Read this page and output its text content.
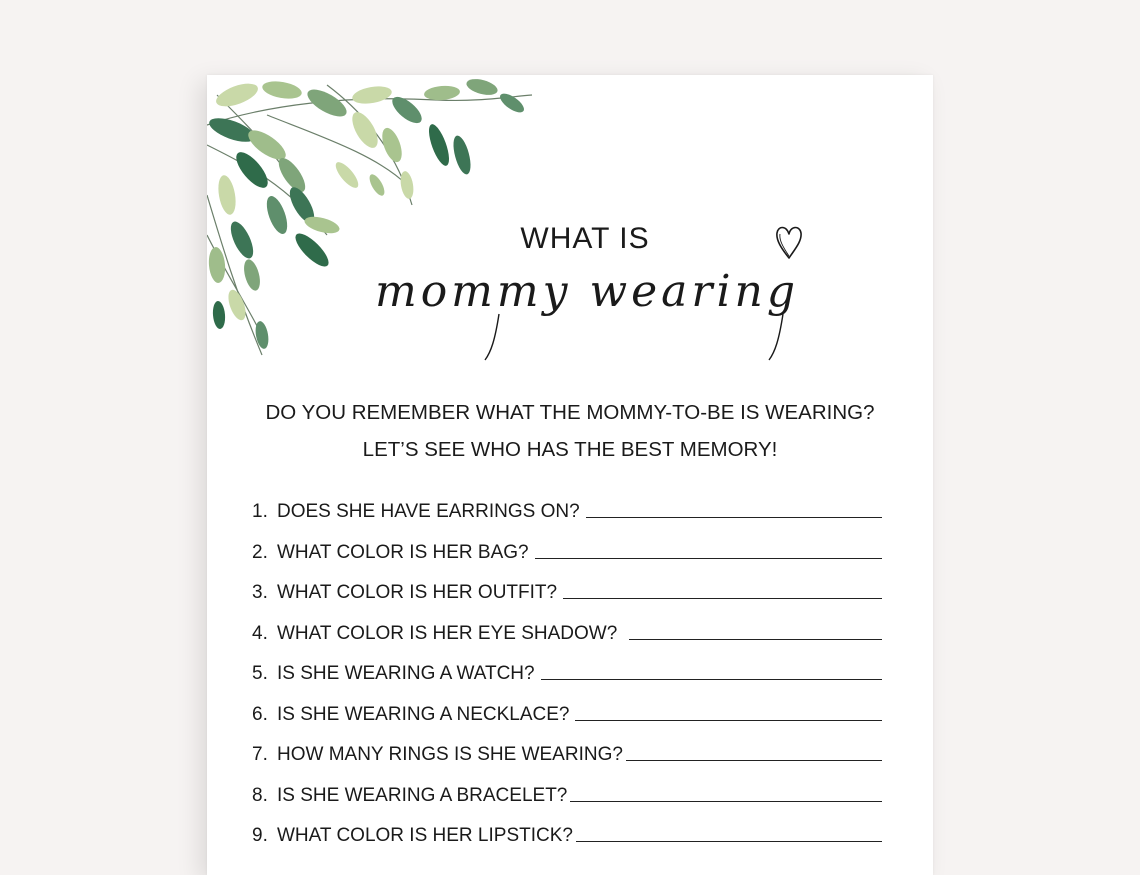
WHAT IS
mommy wearing
DO YOU REMEMBER WHAT THE MOMMY-TO-BE IS WEARING?
LET’S SEE WHO HAS THE BEST MEMORY!
1. DOES SHE HAVE EARRINGS ON?
2. WHAT COLOR IS HER BAG?
3. WHAT COLOR IS HER OUTFIT?
4. WHAT COLOR IS HER EYE SHADOW?
5. IS SHE WEARING A WATCH?
6. IS SHE WEARING A NECKLACE?
7. HOW MANY RINGS IS SHE WEARING?
8. IS SHE WEARING A BRACELET?
9. WHAT COLOR IS HER LIPSTICK?
